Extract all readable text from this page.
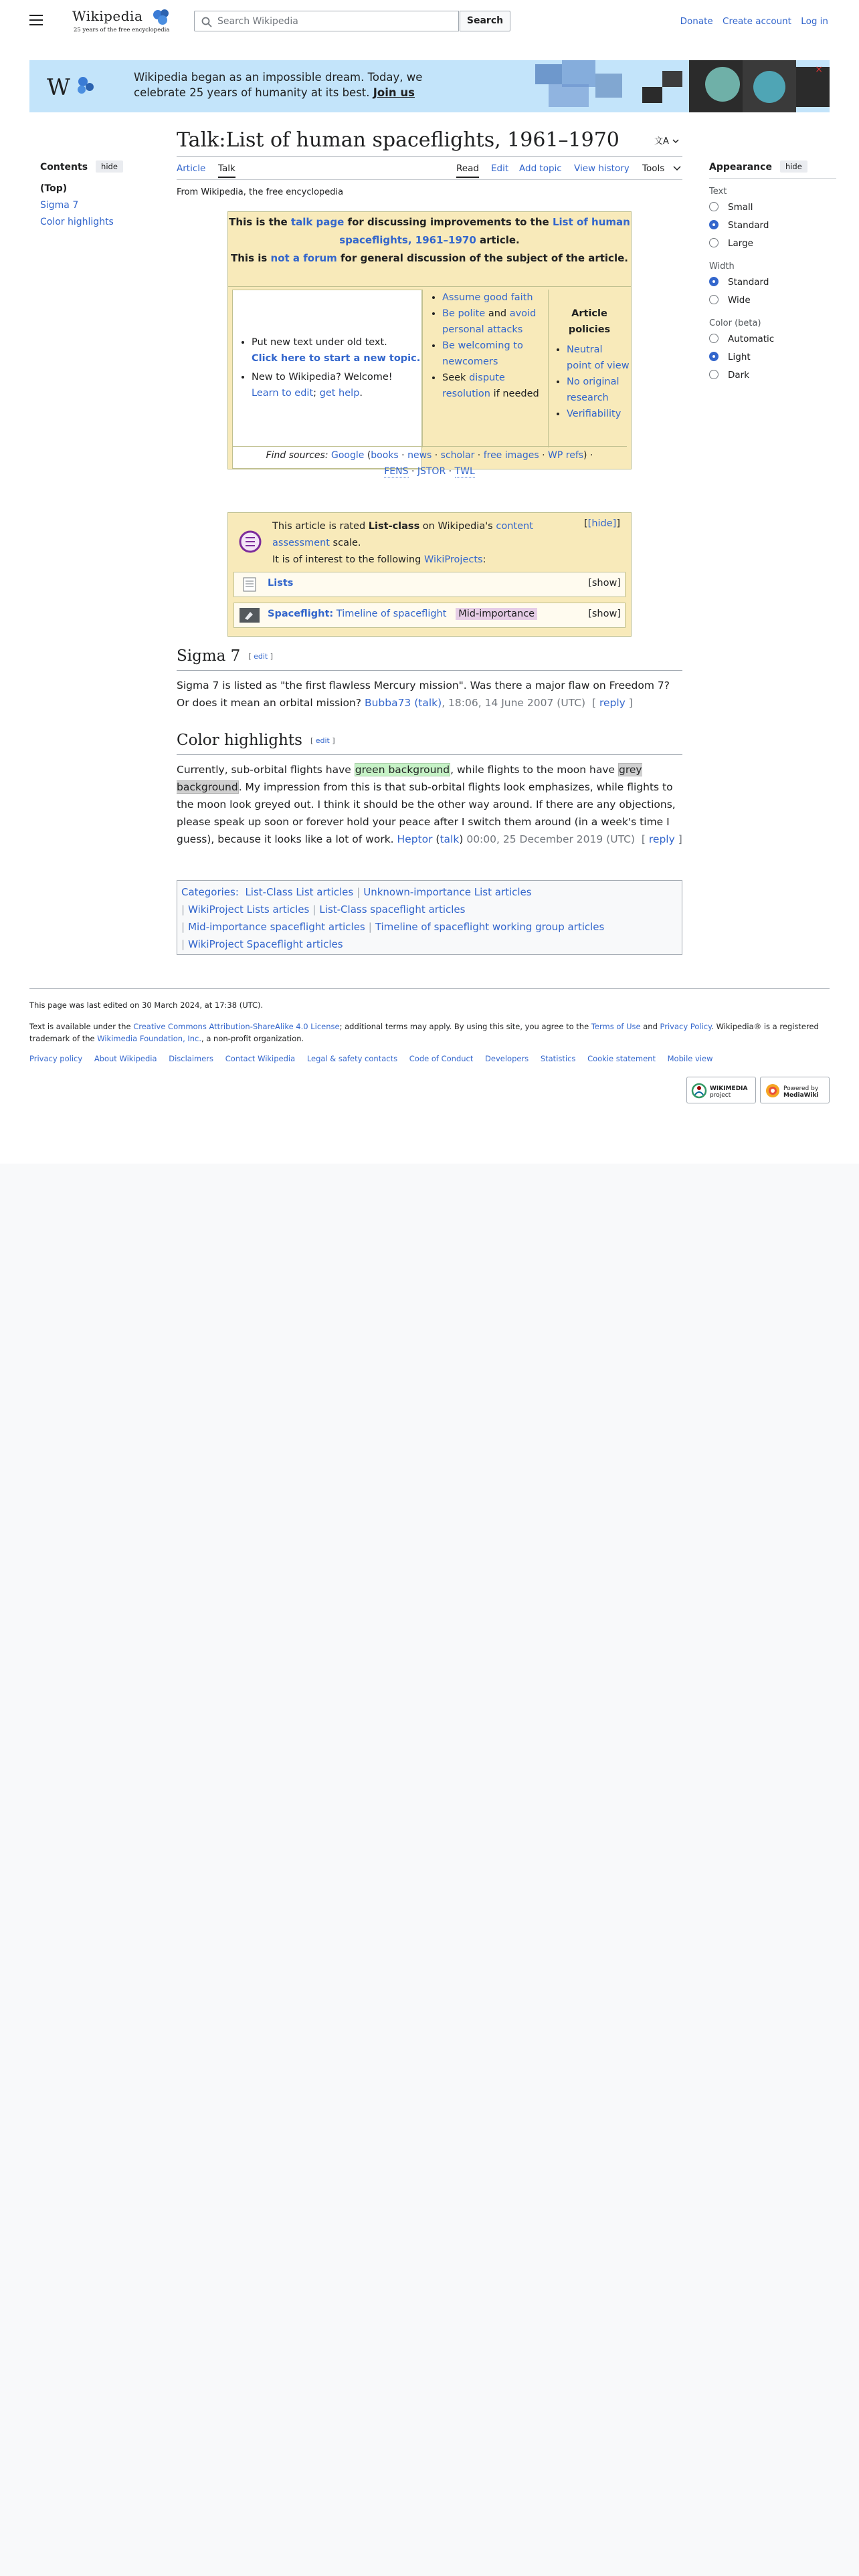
Wikipedia
25 years of the free encyclopedia
Search Wikipedia	Search	Donate Create account Log in
W	Wikipedia began as an impossible dream. Today, we
celebrate 25 years of humanity at its best. Join us
×
Contents hide
(Top)
Sigma 7
Color highlights
Talk:List of human spaceflights, 1961–1970	文A
Article Talk	Read Edit Add topic View history Tools
From Wikipedia, the free encyclopedia
This is the talk page for discussing improvements to the List of human spaceflights, 1961–1970 article.
This is not a forum for general discussion of the subject of the article.
• Put new text under old text.
Click here to start a new topic.
• New to Wikipedia? Welcome!
Learn to edit; get help.
• Assume good faith
• Be polite and avoid personal attacks
• Be welcoming to newcomers
• Seek dispute resolution if needed
Article policies
• Neutral point of view
• No original research
• Verifiability
Find sources: Google (books · news · scholar · free images · WP refs) ·
FENS · JSTOR · TWL
This article is rated List-class on Wikipedia's content assessment scale.
It is of interest to the following WikiProjects:
[[hide]]
Lists	[show]
Spaceflight: Timeline of spaceflight Mid-importance	[show]
Sigma 7 [ edit ]
Sigma 7 is listed as "the first flawless Mercury mission". Was there a major flaw on Freedom 7? Or does it mean an orbital mission? Bubba73 (talk), 18:06, 14 June 2007 (UTC) [ reply ]
Color highlights [ edit ]
Currently, sub-orbital flights have green background, while flights to the moon have grey background. My impression from this is that sub-orbital flights look emphasizes, while flights to the moon look greyed out. I think it should be the other way around. If there are any objections, please speak up soon or forever hold your peace after I switch them around (in a week's time I guess), because it looks like a lot of work. Heptor (talk) 00:00, 25 December 2019 (UTC) [ reply ]
Categories: List-Class List articles | Unknown-importance List articles
| WikiProject Lists articles | List-Class spaceflight articles
| Mid-importance spaceflight articles | Timeline of spaceflight working group articles
| WikiProject Spaceflight articles
Appearance hide
Text
Small
Standard
Large
Width
Standard
Wide
Color (beta)
Automatic
Light
Dark
This page was last edited on 30 March 2024, at 17:38 (UTC).
Text is available under the Creative Commons Attribution-ShareAlike 4.0 License; additional terms may apply. By using this site, you agree to the Terms of Use and Privacy Policy. Wikipedia® is a registered trademark of the Wikimedia Foundation, Inc., a non-profit organization.
Privacy policy About Wikipedia Disclaimers Contact Wikipedia Legal & safety contacts Code of Conduct Developers Statistics Cookie statement Mobile view
WIKIMEDIA
project
Powered by
MediaWiki
